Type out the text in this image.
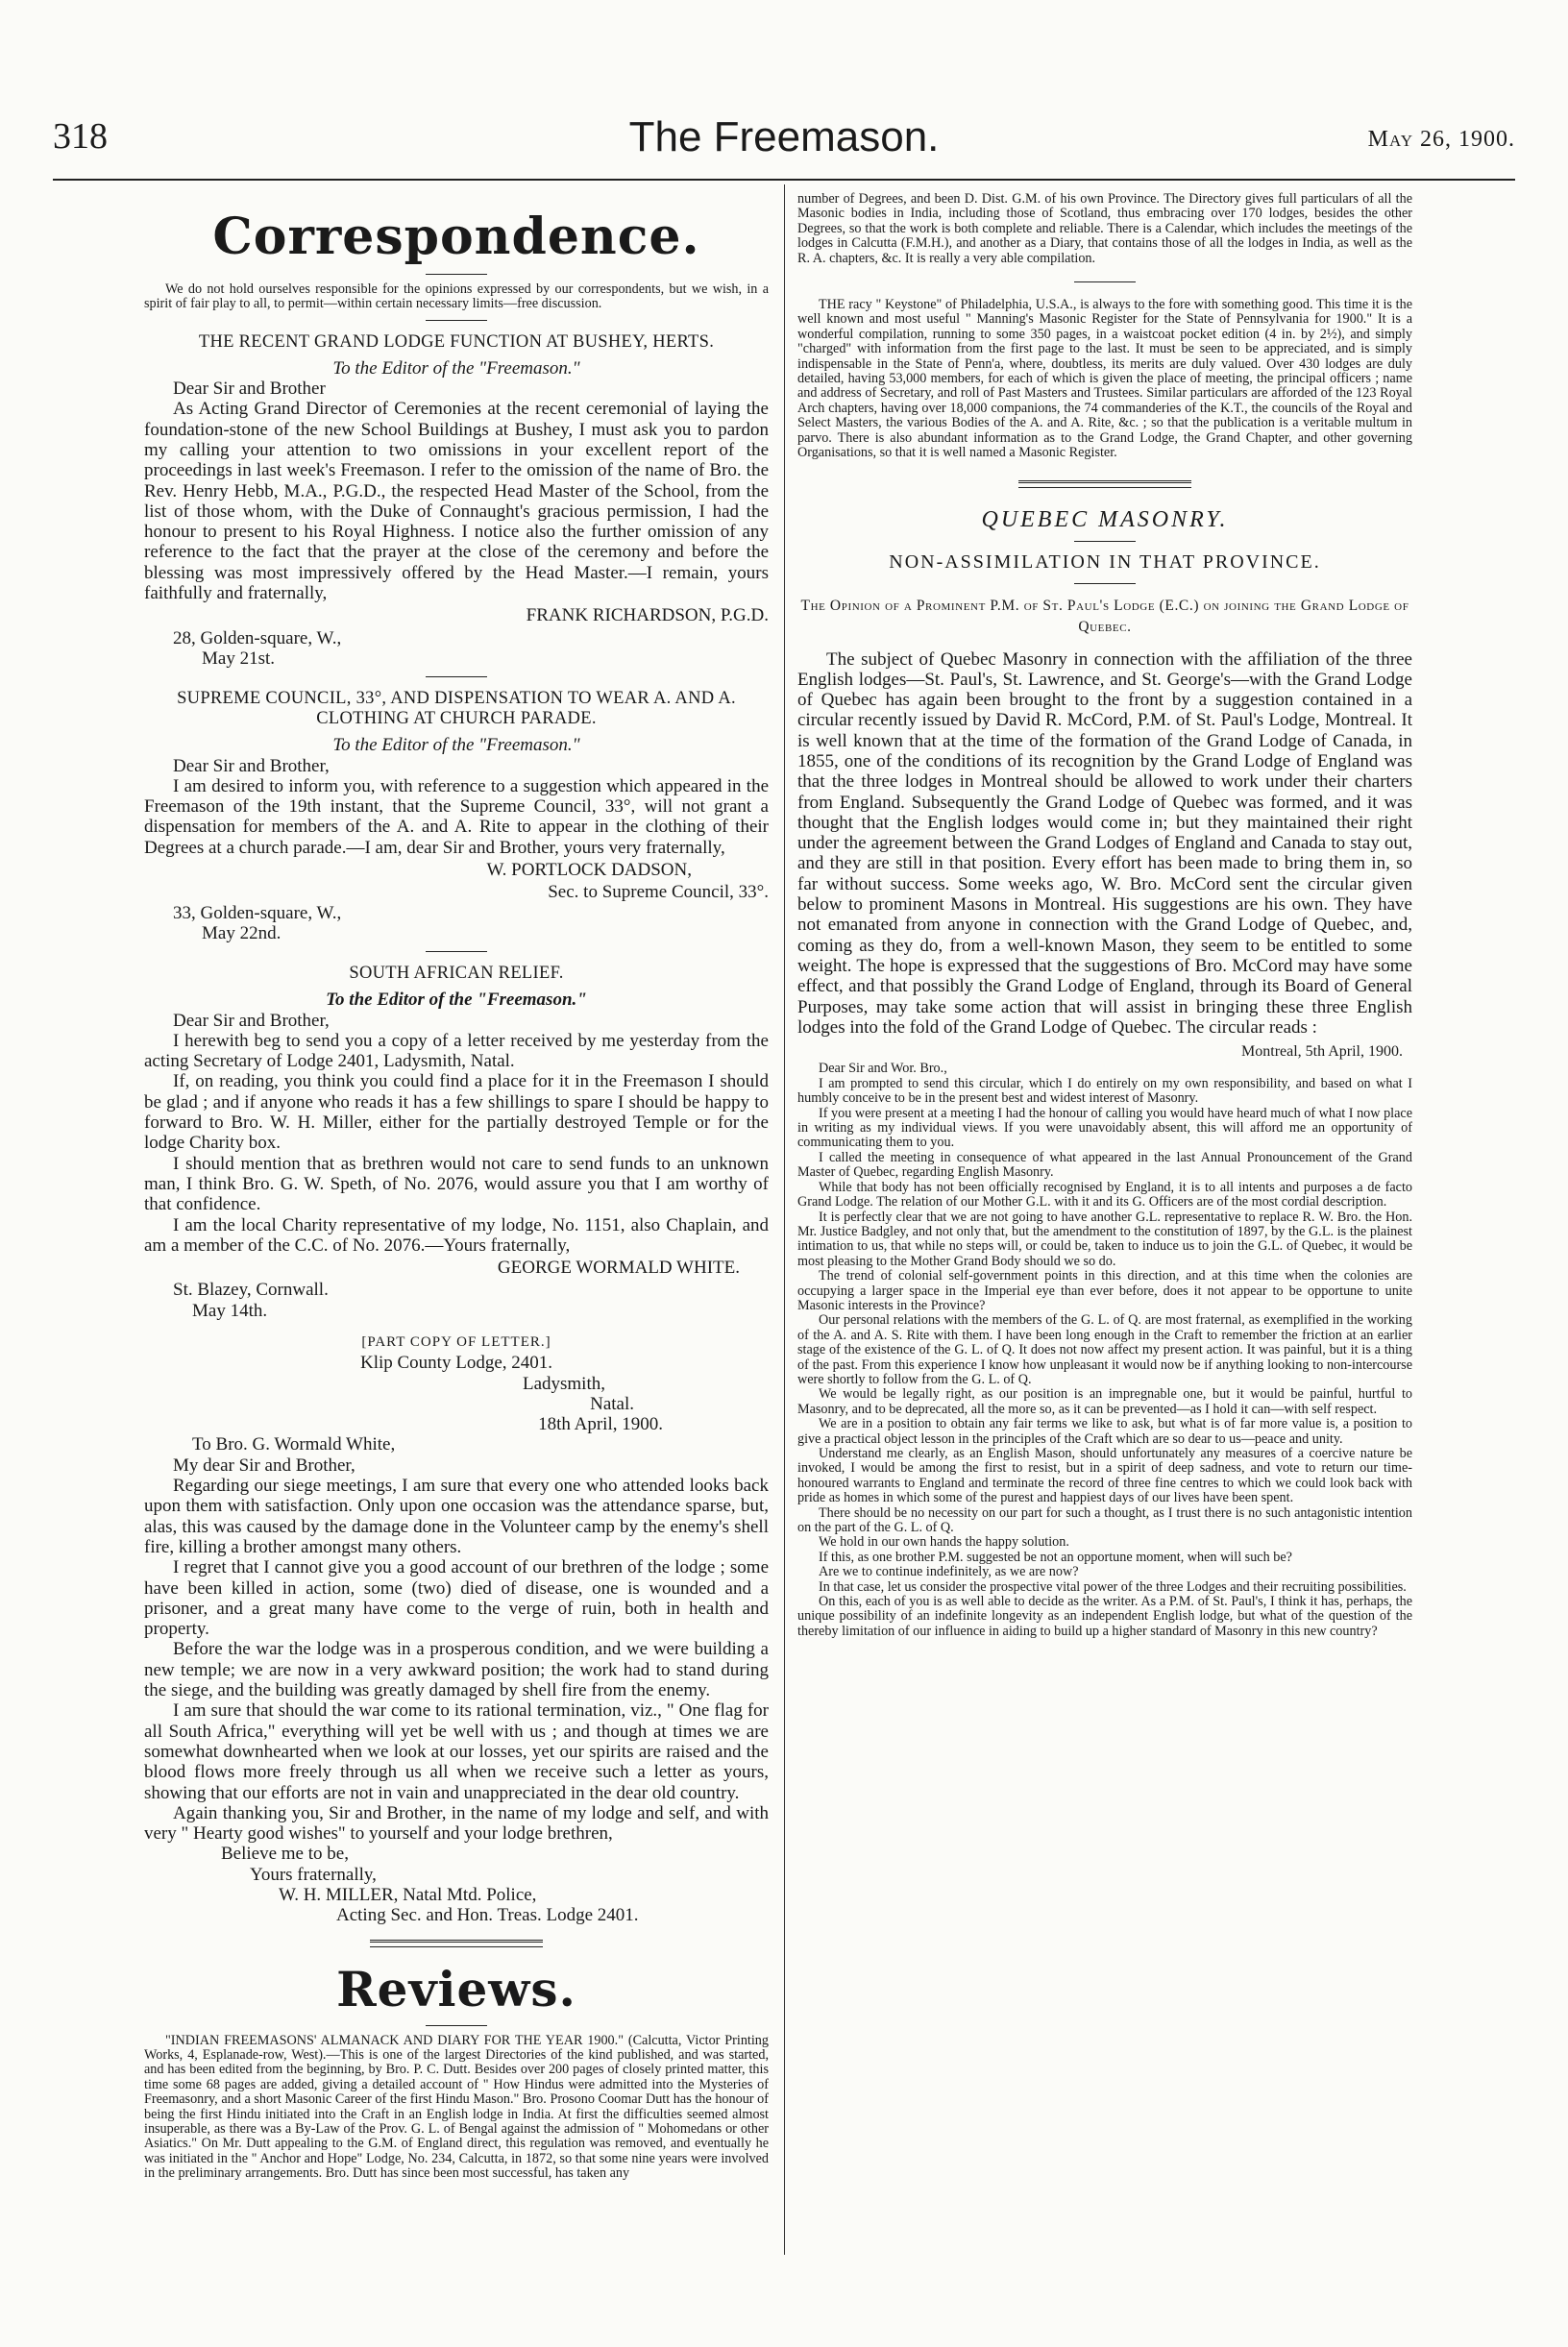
318	The Freemason.	May 26, 1900.
Correspondence.

We do not hold ourselves responsible for the opinions expressed by our correspondents, but we wish, in a spirit of fair play to all, to permit—within certain necessary limits—free discussion.

THE RECENT GRAND LODGE FUNCTION AT BUSHEY, HERTS.

To the Editor of the "Freemason."

Dear Sir and Brother

As Acting Grand Director of Ceremonies at the recent ceremonial of laying the foundation-stone of the new School Buildings at Bushey, I must ask you to pardon my calling your attention to two omissions in your excellent report of the proceedings in last week's Freemason. I refer to the omission of the name of Bro. the Rev. Henry Hebb, M.A., P.G.D., the respected Head Master of the School, from the list of those whom, with the Duke of Connaught's gracious permission, I had the honour to present to his Royal Highness. I notice also the further omission of any reference to the fact that the prayer at the close of the ceremony and before the blessing was most impressively offered by the Head Master.—I remain, yours faithfully and fraternally,

FRANK RICHARDSON, P.G.D.

28, Golden-square, W.,

May 21st.

SUPREME COUNCIL, 33°, AND DISPENSATION TO WEAR A. AND A. CLOTHING AT CHURCH PARADE.

To the Editor of the "Freemason."

Dear Sir and Brother,

I am desired to inform you, with reference to a suggestion which appeared in the Freemason of the 19th instant, that the Supreme Council, 33°, will not grant a dispensation for members of the A. and A. Rite to appear in the clothing of their Degrees at a church parade.—I am, dear Sir and Brother, yours very fraternally,

W. PORTLOCK DADSON,

Sec. to Supreme Council, 33°.

33, Golden-square, W.,

May 22nd.

SOUTH AFRICAN RELIEF.

To the Editor of the "Freemason."

Dear Sir and Brother,

I herewith beg to send you a copy of a letter received by me yesterday from the acting Secretary of Lodge 2401, Ladysmith, Natal.

If, on reading, you think you could find a place for it in the Freemason I should be glad ; and if anyone who reads it has a few shillings to spare I should be happy to forward to Bro. W. H. Miller, either for the partially destroyed Temple or for the lodge Charity box.

I should mention that as brethren would not care to send funds to an unknown man, I think Bro. G. W. Speth, of No. 2076, would assure you that I am worthy of that confidence.

I am the local Charity representative of my lodge, No. 1151, also Chaplain, and am a member of the C.C. of No. 2076.—Yours fraternally,

GEORGE WORMALD WHITE.

St. Blazey, Cornwall.

May 14th.

[PART COPY OF LETTER.]

Klip County Lodge, 2401.

Ladysmith,

Natal.

18th April, 1900.

To Bro. G. Wormald White,

My dear Sir and Brother,

Regarding our siege meetings, I am sure that every one who attended looks back upon them with satisfaction. Only upon one occasion was the attendance sparse, but, alas, this was caused by the damage done in the Volunteer camp by the enemy's shell fire, killing a brother amongst many others.

I regret that I cannot give you a good account of our brethren of the lodge ; some have been killed in action, some (two) died of disease, one is wounded and a prisoner, and a great many have come to the verge of ruin, both in health and property.

Before the war the lodge was in a prosperous condition, and we were building a new temple; we are now in a very awkward position; the work had to stand during the siege, and the building was greatly damaged by shell fire from the enemy.

I am sure that should the war come to its rational termination, viz., " One flag for all South Africa," everything will yet be well with us ; and though at times we are somewhat downhearted when we look at our losses, yet our spirits are raised and the blood flows more freely through us all when we receive such a letter as yours, showing that our efforts are not in vain and unappreciated in the dear old country.

Again thanking you, Sir and Brother, in the name of my lodge and self, and with very " Hearty good wishes" to yourself and your lodge brethren,

Believe me to be,

Yours fraternally,

W. H. MILLER, Natal Mtd. Police,

Acting Sec. and Hon. Treas. Lodge 2401.

Reviews.

"INDIAN FREEMASONS' ALMANACK AND DIARY FOR THE YEAR 1900." (Calcutta, Victor Printing Works, 4, Esplanade-row, West).—This is one of the largest Directories of the kind published, and was started, and has been edited from the beginning, by Bro. P. C. Dutt. Besides over 200 pages of closely printed matter, this time some 68 pages are added, giving a detailed account of " How Hindus were admitted into the Mysteries of Freemasonry, and a short Masonic Career of the first Hindu Mason." Bro. Prosono Coomar Dutt has the honour of being the first Hindu initiated into the Craft in an English lodge in India. At first the difficulties seemed almost insuperable, as there was a By-Law of the Prov. G. L. of Bengal against the admission of " Mohomedans or other Asiatics." On Mr. Dutt appealing to the G.M. of England direct, this regulation was removed, and eventually he was initiated in the " Anchor and Hope" Lodge, No. 234, Calcutta, in 1872, so that some nine years were involved in the preliminary arrangements. Bro. Dutt has since been most successful, has taken any

number of Degrees, and been D. Dist. G.M. of his own Province. The Directory gives full particulars of all the Masonic bodies in India, including those of Scotland, thus embracing over 170 lodges, besides the other Degrees, so that the work is both complete and reliable. There is a Calendar, which includes the meetings of the lodges in Calcutta (F.M.H.), and another as a Diary, that contains those of all the lodges in India, as well as the R. A. chapters, &c. It is really a very able compilation.

THE racy " Keystone" of Philadelphia, U.S.A., is always to the fore with something good. This time it is the well known and most useful " Manning's Masonic Register for the State of Pennsylvania for 1900." It is a wonderful compilation, running to some 350 pages, in a waistcoat pocket edition (4 in. by 2½), and simply "charged" with information from the first page to the last. It must be seen to be appreciated, and is simply indispensable in the State of Penn'a, where, doubtless, its merits are duly valued. Over 430 lodges are duly detailed, having 53,000 members, for each of which is given the place of meeting, the principal officers ; name and address of Secretary, and roll of Past Masters and Trustees. Similar particulars are afforded of the 123 Royal Arch chapters, having over 18,000 companions, the 74 commanderies of the K.T., the councils of the Royal and Select Masters, the various Bodies of the A. and A. Rite, &c. ; so that the publication is a veritable multum in parvo. There is also abundant information as to the Grand Lodge, the Grand Chapter, and other governing Organisations, so that it is well named a Masonic Register.

QUEBEC MASONRY.
NON-ASSIMILATION IN THAT PROVINCE.
The Opinion of a Prominent P.M. of St. Paul's Lodge (E.C.) on joining the Grand Lodge of Quebec.

The subject of Quebec Masonry in connection with the affiliation of the three English lodges—St. Paul's, St. Lawrence, and St. George's—with the Grand Lodge of Quebec has again been brought to the front by a suggestion contained in a circular recently issued by David R. McCord, P.M. of St. Paul's Lodge, Montreal. It is well known that at the time of the formation of the Grand Lodge of Canada, in 1855, one of the conditions of its recognition by the Grand Lodge of England was that the three lodges in Montreal should be allowed to work under their charters from England. Subsequently the Grand Lodge of Quebec was formed, and it was thought that the English lodges would come in; but they maintained their right under the agreement between the Grand Lodges of England and Canada to stay out, and they are still in that position. Every effort has been made to bring them in, so far without success. Some weeks ago, W. Bro. McCord sent the circular given below to prominent Masons in Montreal. His suggestions are his own. They have not emanated from anyone in connection with the Grand Lodge of Quebec, and, coming as they do, from a well-known Mason, they seem to be entitled to some weight. The hope is expressed that the suggestions of Bro. McCord may have some effect, and that possibly the Grand Lodge of England, through its Board of General Purposes, may take some action that will assist in bringing these three English lodges into the fold of the Grand Lodge of Quebec. The circular reads :

Montreal, 5th April, 1900.

Dear Sir and Wor. Bro.,

I am prompted to send this circular, which I do entirely on my own responsibility, and based on what I humbly conceive to be in the present best and widest interest of Masonry.

If you were present at a meeting I had the honour of calling you would have heard much of what I now place in writing as my individual views. If you were unavoidably absent, this will afford me an opportunity of communicating them to you.

I called the meeting in consequence of what appeared in the last Annual Pronouncement of the Grand Master of Quebec, regarding English Masonry.

While that body has not been officially recognised by England, it is to all intents and purposes a de facto Grand Lodge. The relation of our Mother G.L. with it and its G. Officers are of the most cordial description.

It is perfectly clear that we are not going to have another G.L. representative to replace R. W. Bro. the Hon. Mr. Justice Badgley, and not only that, but the amendment to the constitution of 1897, by the G.L. is the plainest intimation to us, that while no steps will, or could be, taken to induce us to join the G.L. of Quebec, it would be most pleasing to the Mother Grand Body should we so do.

The trend of colonial self-government points in this direction, and at this time when the colonies are occupying a larger space in the Imperial eye than ever before, does it not appear to be opportune to unite Masonic interests in the Province?

Our personal relations with the members of the G. L. of Q. are most fraternal, as exemplified in the working of the A. and A. S. Rite with them. I have been long enough in the Craft to remember the friction at an earlier stage of the existence of the G. L. of Q. It does not now affect my present action. It was painful, but it is a thing of the past. From this experience I know how unpleasant it would now be if anything looking to non-intercourse were shortly to follow from the G. L. of Q.

We would be legally right, as our position is an impregnable one, but it would be painful, hurtful to Masonry, and to be deprecated, all the more so, as it can be prevented—as I hold it can—with self respect.

We are in a position to obtain any fair terms we like to ask, but what is of far more value is, a position to give a practical object lesson in the principles of the Craft which are so dear to us—peace and unity.

Understand me clearly, as an English Mason, should unfortunately any measures of a coercive nature be invoked, I would be among the first to resist, but in a spirit of deep sadness, and vote to return our time-honoured warrants to England and terminate the record of three fine centres to which we could look back with pride as homes in which some of the purest and happiest days of our lives have been spent.

There should be no necessity on our part for such a thought, as I trust there is no such antagonistic intention on the part of the G. L. of Q.

We hold in our own hands the happy solution.

If this, as one brother P.M. suggested be not an opportune moment, when will such be?

Are we to continue indefinitely, as we are now?

In that case, let us consider the prospective vital power of the three Lodges and their recruiting possibilities.

On this, each of you is as well able to decide as the writer. As a P.M. of St. Paul's, I think it has, perhaps, the unique possibility of an indefinite longevity as an independent English lodge, but what of the question of the thereby limitation of our influence in aiding to build up a higher standard of Masonry in this new country?
